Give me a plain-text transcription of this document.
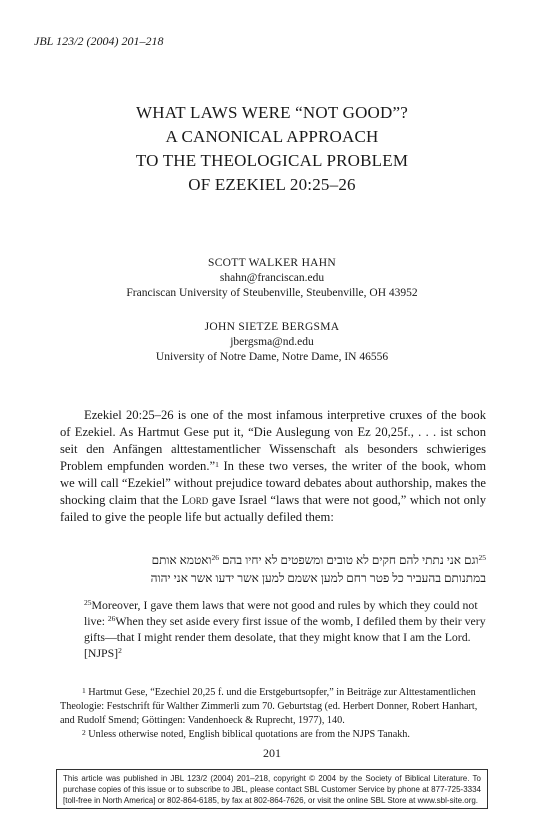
JBL 123/2 (2004) 201–218
WHAT LAWS WERE “NOT GOOD”?
A CANONICAL APPROACH
TO THE THEOLOGICAL PROBLEM
OF EZEKIEL 20:25–26
SCOTT WALKER HAHN
shahn@franciscan.edu
Franciscan University of Steubenville, Steubenville, OH 43952
JOHN SIETZE BERGSMA
jbergsma@nd.edu
University of Notre Dame, Notre Dame, IN 46556
Ezekiel 20:25–26 is one of the most infamous interpretive cruxes of the book of Ezekiel. As Hartmut Gese put it, “Die Auslegung von Ez 20,25f., . . . ist schon seit den Anfängen alttestamentlicher Wissenschaft als besonders schwieriges Problem empfunden worden.”$^1$ In these two verses, the writer of the book, whom we will call “Ezekiel” without prejudice toward debates about authorship, makes the shocking claim that the Lord gave Israel “laws that were not good,” which not only failed to give the people life but actually defiled them:
$^{25}$וגם אני נתתי להם חקים לא טובים ומשפטים לא יחיו בהם $^{26}$ואטמא אותם
במתנותם בהעביר כל פטר רחם למען אשמם למען אשר ידעו אשר אני יהוה
$^{25}$Moreover, I gave them laws that were not good and rules by which they could not live: $^{26}$When they set aside every first issue of the womb, I defiled them by their very gifts—that I might render them desolate, that they might know that I am the Lord. [NJPS]$^2$
$^1$ Hartmut Gese, “Ezechiel 20,25 f. und die Erstgeburtsopfer,” in Beiträge zur Alttestamentlichen Theologie: Festschrift für Walther Zimmerli zum 70. Geburtstag (ed. Herbert Donner, Robert Hanhart, and Rudolf Smend; Göttingen: Vandenhoeck & Ruprecht, 1977), 140.
$^2$ Unless otherwise noted, English biblical quotations are from the NJPS Tanakh.
201
This article was published in JBL 123/2 (2004) 201–218, copyright © 2004 by the Society of Biblical Literature. To purchase copies of this issue or to subscribe to JBL, please contact SBL Customer Service by phone at 877-725-3334 [toll-free in North America] or 802-864-6185, by fax at 802-864-7626, or visit the online SBL Store at www.sbl-site.org.
